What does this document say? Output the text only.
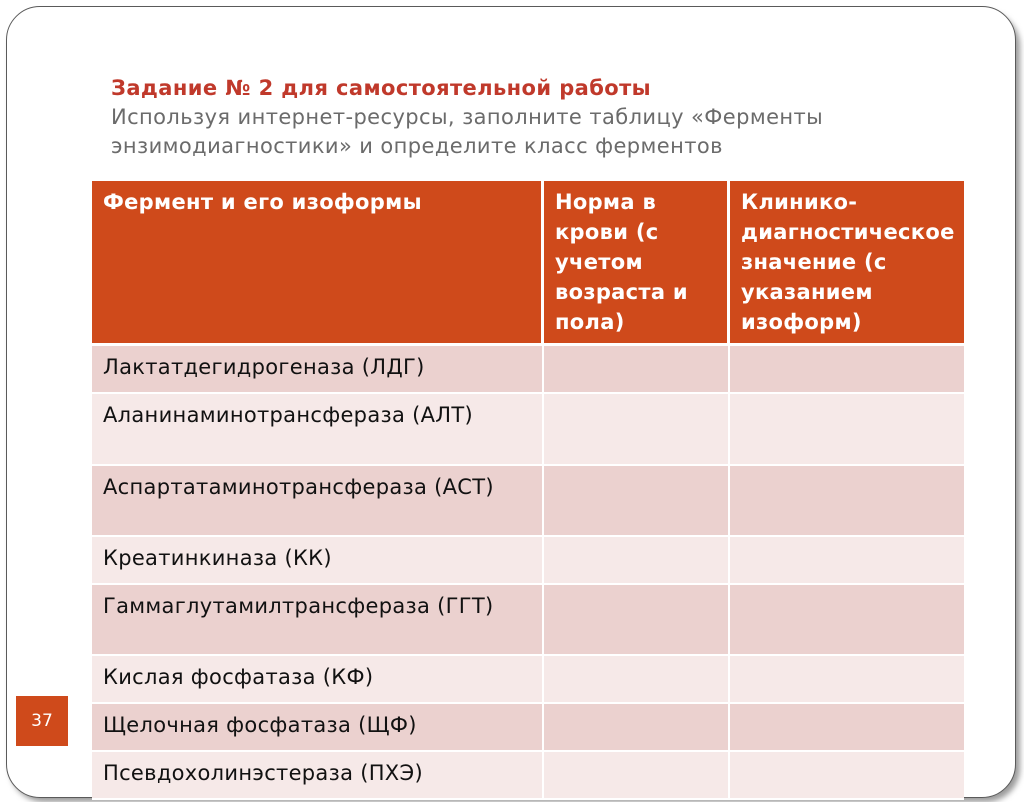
Задание № 2 для самостоятельной работы
Используя интернет-ресурсы, заполните таблицу «Ферменты энзимодиагностики» и определите класс ферментов
Фермент и его изоформы	Норма в крови (с учетом возраста и пола)	Клинико-диагностическое значение (с указанием изоформ)
Лактатдегидрогеназа (ЛДГ)		
Аланинаминотрансфераза (АЛТ)		
Аспартатаминотрансфераза (АСТ)		
Креатинкиназа (КК)		
Гаммаглутамилтрансфераза (ГГТ)		
Кислая фосфатаза (КФ)		
Щелочная фосфатаза (ЩФ)		
Псевдохолинэстераза (ПХЭ)		
37
